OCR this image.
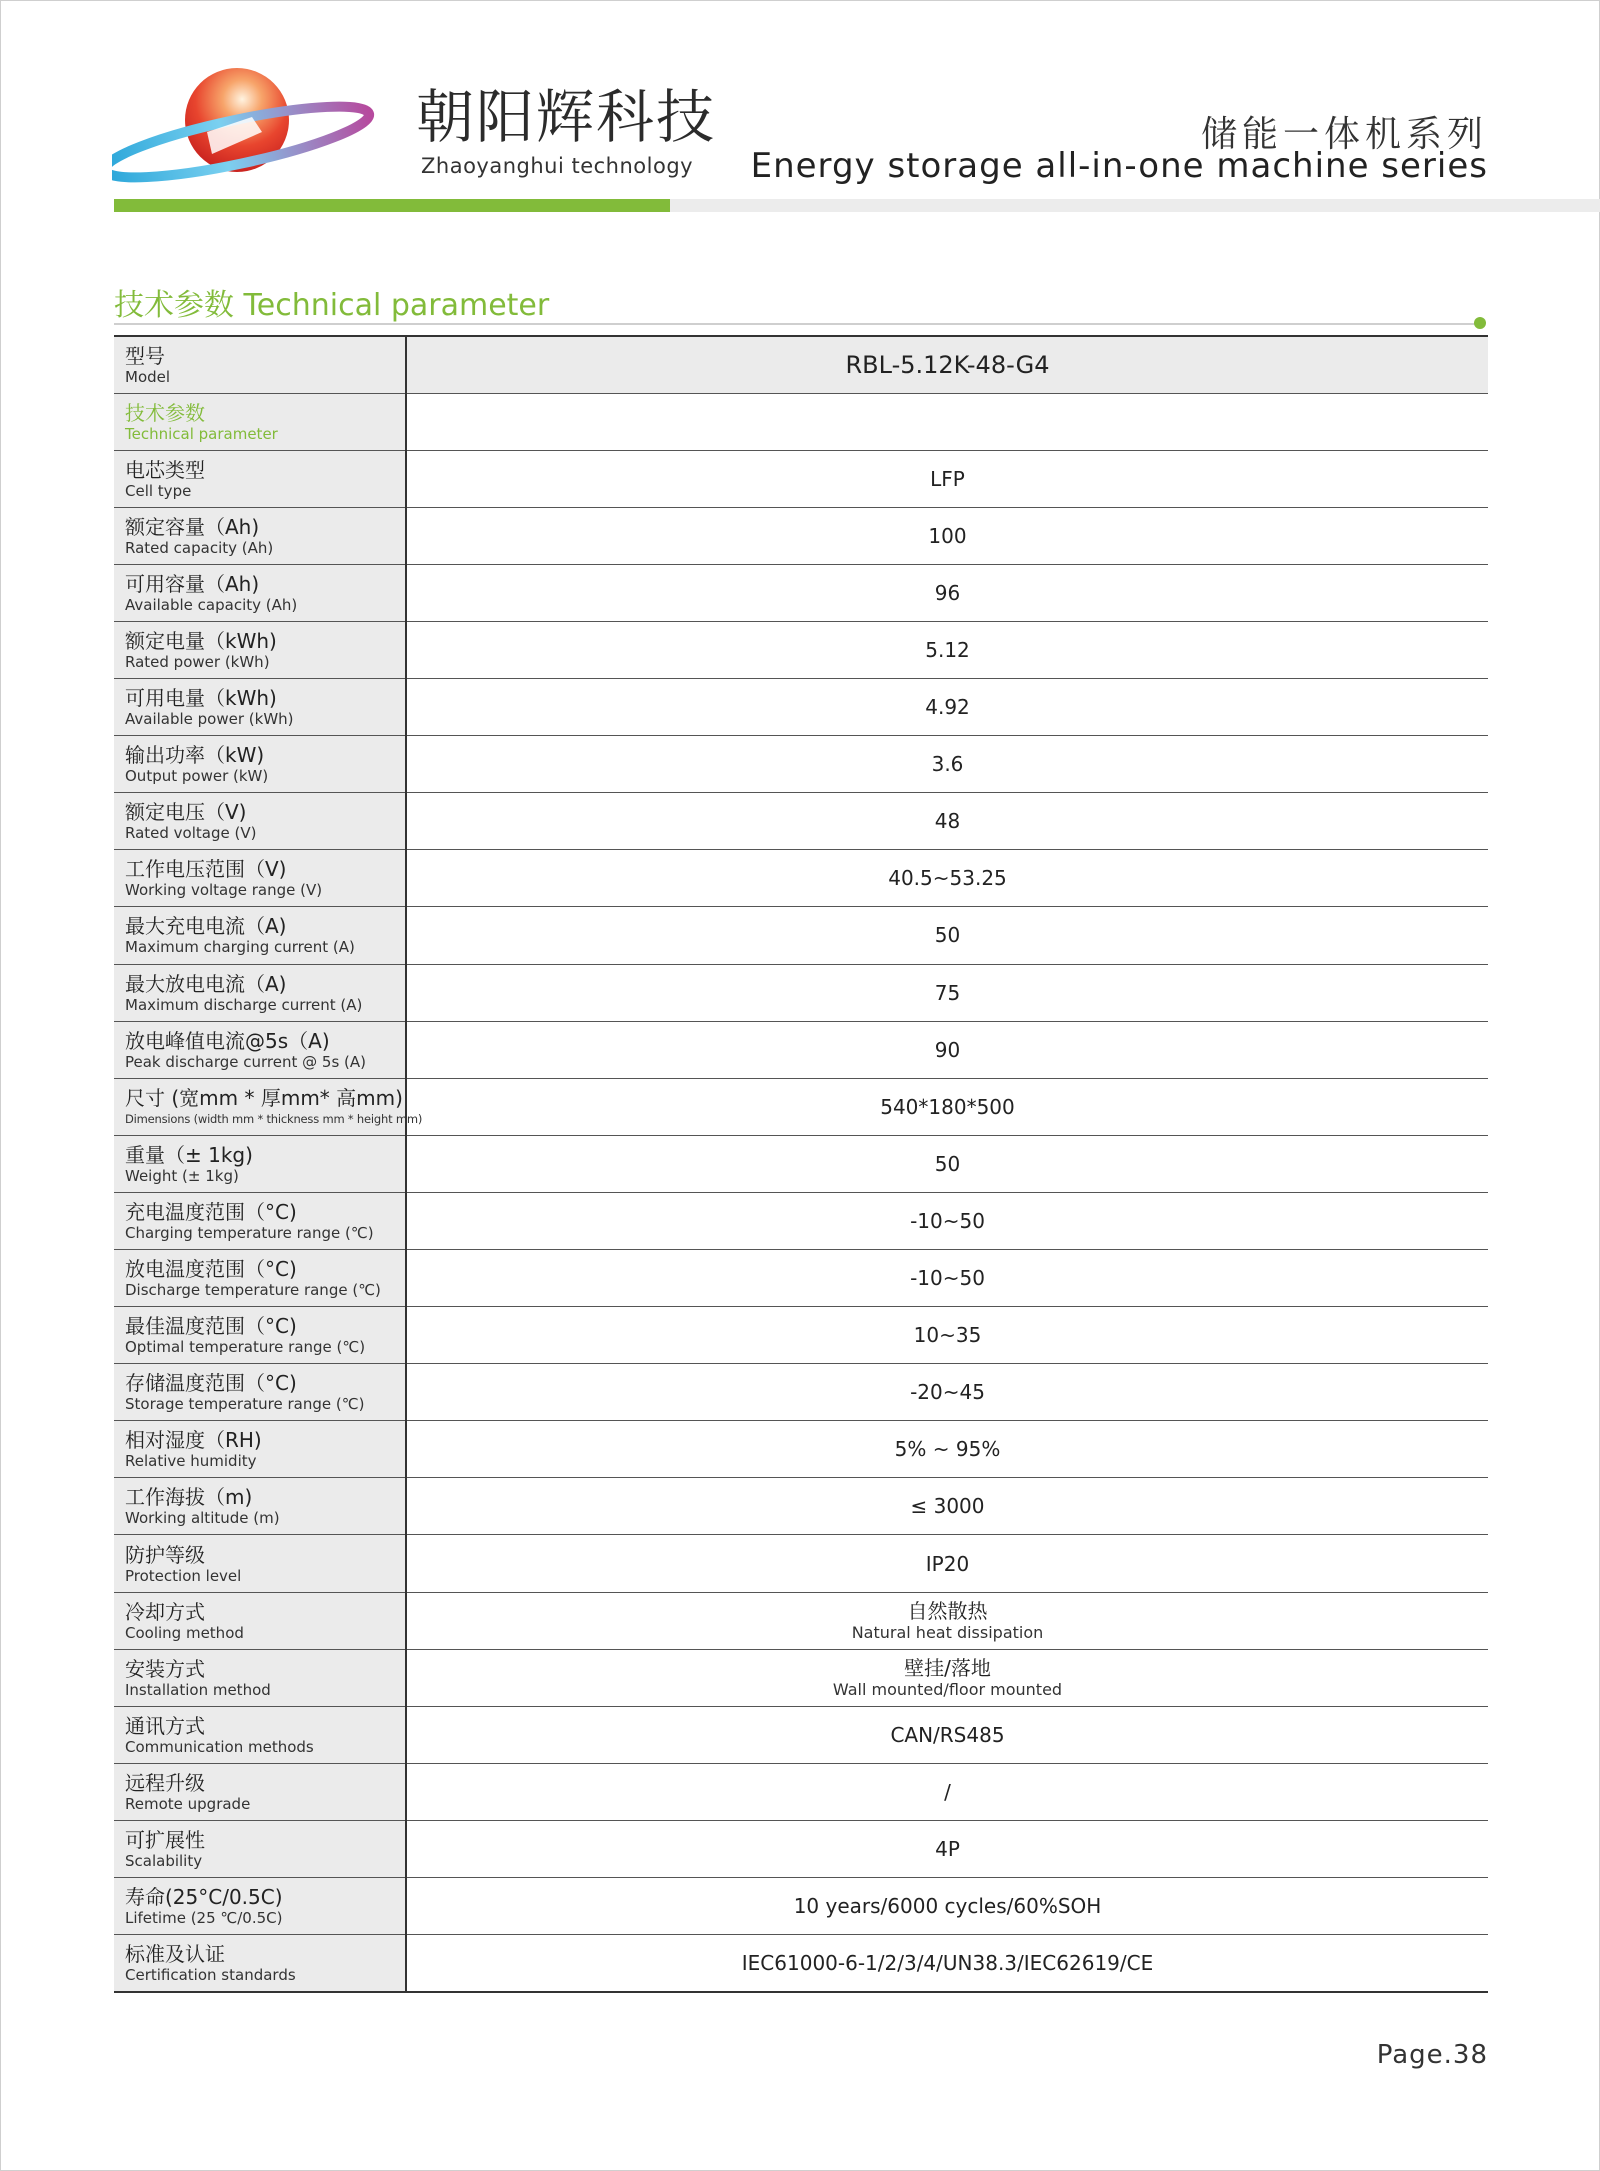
朝阳辉科技
Zhaoyanghui technology
储能一体机系列
Energy storage all-in-one machine series
技术参数 Technical parameter
型号
Model	RBL-5.12K-48-G4

技术参数
Technical parameter	

电芯类型
Cell type	LFP

额定容量（Ah)
Rated capacity (Ah)	100

可用容量（Ah)
Available capacity (Ah)	96

额定电量（kWh)
Rated power (kWh)	5.12

可用电量（kWh)
Available power (kWh)	4.92

输出功率（kW)
Output power (kW)	3.6

额定电压（V)
Rated voltage (V)	48

工作电压范围（V)
Working voltage range (V)	40.5~53.25

最大充电电流（A)
Maximum charging current (A)	50

最大放电电流（A)
Maximum discharge current (A)	75

放电峰值电流@5s（A)
Peak discharge current @ 5s (A)	90

尺寸 (宽mm * 厚mm* 高mm)
Dimensions (width mm * thickness mm * height mm)	540*180*500

重量（± 1kg)
Weight (± 1kg)	50

充电温度范围（°C)
Charging temperature range (℃)	-10~50

放电温度范围（°C)
Discharge temperature range (℃)	-10~50

最佳温度范围（°C)
Optimal temperature range (℃)	10~35

存储温度范围（°C)
Storage temperature range (℃)	-20~45

相对湿度（RH)
Relative humidity	5% ~ 95%

工作海拔（m)
Working altitude (m)	≤ 3000

防护等级
Protection level	IP20

冷却方式
Cooling method	自然散热
Natural heat dissipation

安装方式
Installation method	壁挂/落地
Wall mounted/floor mounted

通讯方式
Communication methods	CAN/RS485

远程升级
Remote upgrade	/

可扩展性
Scalability	4P

寿命(25°C/0.5C)
Lifetime (25 ℃/0.5C)	10 years/6000 cycles/60%SOH

标准及认证
Certification standards	IEC61000-6-1/2/3/4/UN38.3/IEC62619/CE
Page.38
